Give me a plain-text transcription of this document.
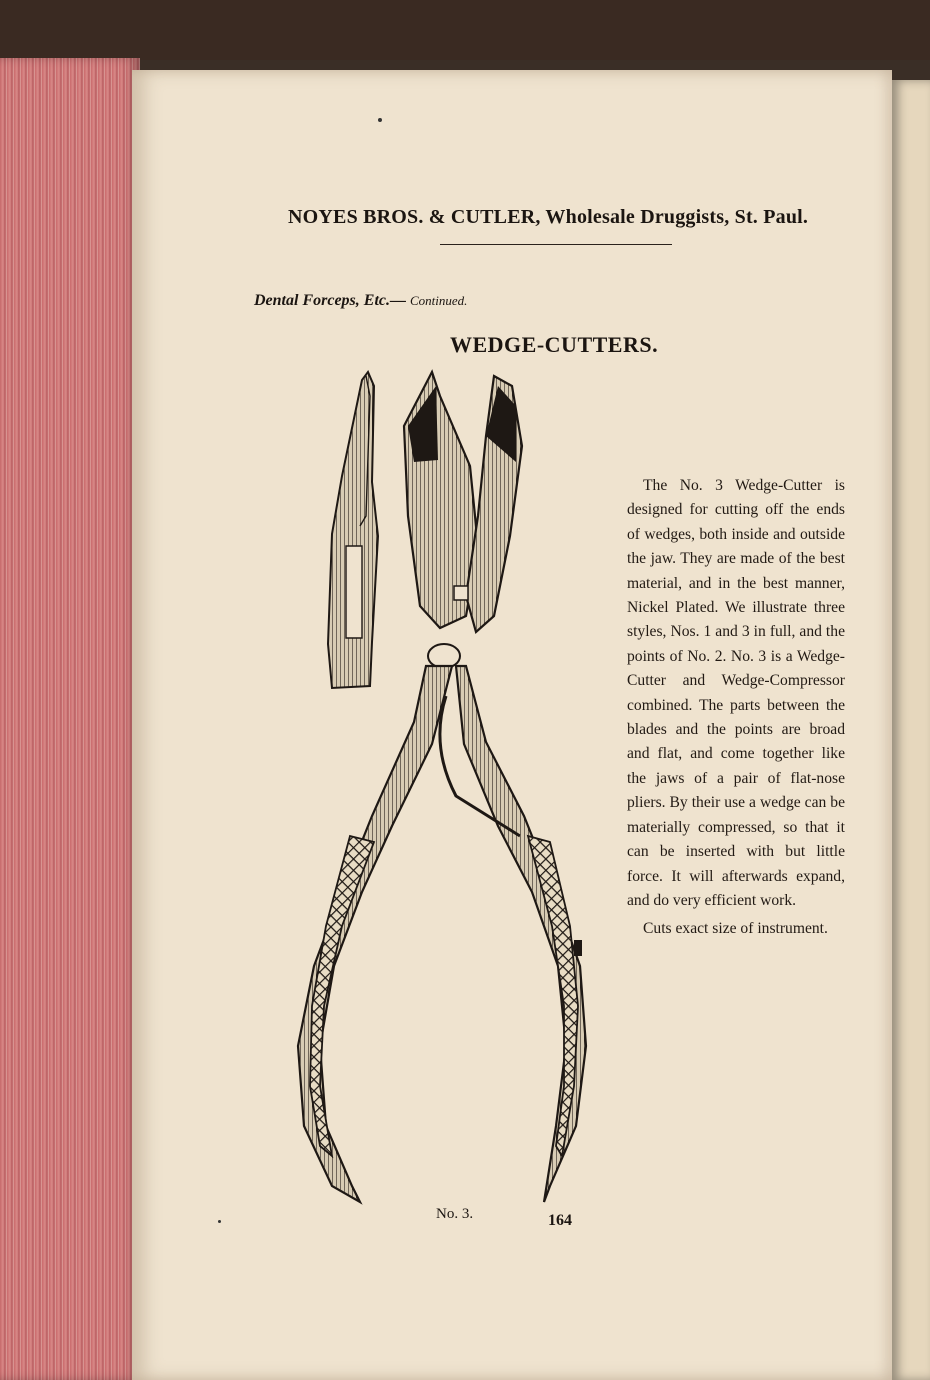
NOYES BROS. & CUTLER, Wholesale Druggists, St. Paul.
Dental Forceps, Etc.— Continued.
WEDGE-CUTTERS.

The No. 3 Wedge-Cutter is designed for cutting off the ends of wedges, both inside and outside the jaw. They are made of the best material, and in the best manner, Nickel Plated. We illustrate three styles, Nos. 1 and 3 in full, and the points of No. 2. No. 3 is a Wedge-Cutter and Wedge-Compressor combined. The parts between the blades and the points are broad and flat, and come together like the jaws of a pair of flat-nose pliers. By their use a wedge can be materially compressed, so that it can be inserted with but little force. It will afterwards expand, and do very efficient work.

Cuts exact size of instrument.

No. 3.	164
